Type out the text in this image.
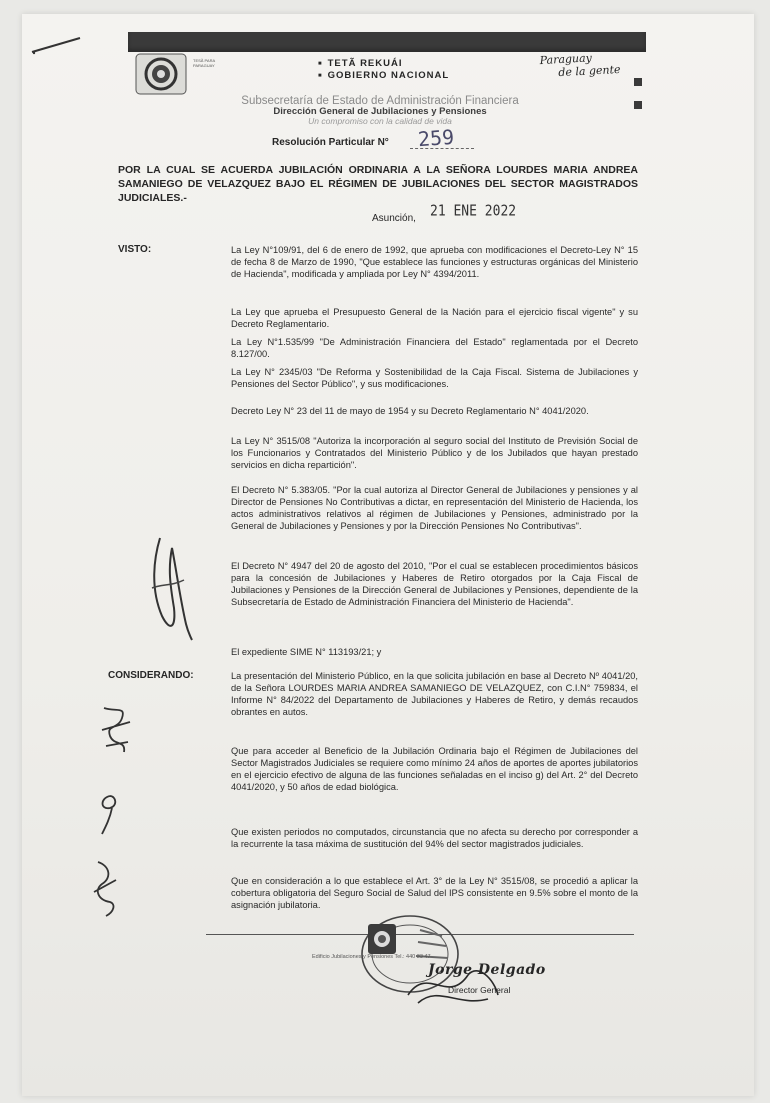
TESÃ PARA PARAGUAY
■	TETÃ REKUÁI
■ GOBIERNO NACIONAL
Paraguay
de la gente
Subsecretaría de Estado de Administración Financiera
Dirección General de Jubilaciones y Pensiones
Un compromiso con la calidad de vida
Resolución Particular N° 259
POR LA CUAL SE ACUERDA JUBILACIÓN ORDINARIA A LA SEÑORA LOURDES MARIA ANDREA SAMANIEGO DE VELAZQUEZ BAJO EL RÉGIMEN DE JUBILACIONES DEL SECTOR MAGISTRADOS JUDICIALES.-
Asunción, 21 ENE 2022
VISTO:	La Ley N°109/91, del 6 de enero de 1992, que aprueba con modificaciones el Decreto-Ley N° 15 de fecha 8 de Marzo de 1990, "Que establece las funciones y estructuras orgánicas del Ministerio de Hacienda", modificada y ampliada por Ley N° 4394/2011.
La Ley que aprueba el Presupuesto General de la Nación para el ejercicio fiscal vigente" y su Decreto Reglamentario.
La Ley N°1.535/99 "De Administración Financiera del Estado" reglamentada por el Decreto 8.127/00.
La Ley N° 2345/03 "De Reforma y Sostenibilidad de la Caja Fiscal. Sistema de Jubilaciones y Pensiones del Sector Público", y sus modificaciones.
Decreto Ley N° 23 del 11 de mayo de 1954 y su Decreto Reglamentario N° 4041/2020.
La Ley N° 3515/08 "Autoriza la incorporación al seguro social del Instituto de Previsión Social de los Funcionarios y Contratados del Ministerio Público y de los Jubilados que hayan prestado servicios en dicha repartición".
El Decreto N° 5.383/05. "Por la cual autoriza al Director General de Jubilaciones y pensiones y al Director de Pensiones No Contributivas a dictar, en representación del Ministerio de Hacienda, los actos administrativos relativos al régimen de Jubilaciones y Pensiones, administrado por la General de Jubilaciones y Pensiones y por la Dirección Pensiones No Contributivas".
El Decreto N° 4947 del 20 de agosto del 2010, "Por el cual se establecen procedimientos básicos para la concesión de Jubilaciones y Haberes de Retiro otorgados por la Caja Fiscal de Jubilaciones y Pensiones de la Dirección General de Jubilaciones y Pensiones, dependiente de la Subsecretaría de Estado de Administración Financiera del Ministerio de Hacienda".
El expediente SIME N° 113193/21; y
CONSIDERANDO:	La presentación del Ministerio Público, en la que solicita jubilación en base al Decreto Nº 4041/20, de la Señora LOURDES MARIA ANDREA SAMANIEGO DE VELAZQUEZ, con C.I.N° 759834, el Informe N° 84/2022 del Departamento de Jubilaciones y Haberes de Retiro, y demás recaudos obrantes en autos.
Que para acceder al Beneficio de la Jubilación Ordinaria bajo el Régimen de Jubilaciones del Sector Magistrados Judiciales se requiere como mínimo 24 años de aportes de aportes jubilatorios en el ejercicio efectivo de alguna de las funciones señaladas en el inciso g) del Art. 2° del Decreto 4041/2020, y 50 años de edad biológica.
Que existen periodos no computados, circunstancia que no afecta su derecho por corresponder a la recurrente la tasa máxima de sustitución del 94% del sector magistrados judiciales.
Que en consideración a lo que establece el Art. 3° de la Ley N° 3515/08, se procedió a aplicar la cobertura obligatoria del Seguro Social de Salud del IPS consistente en 9.5% sobre el monto de la asignación jubilatoria.
Edificio Jubilaciones y Pensiones Tel.: 440 33 47
Jorge Delgado
Director General
